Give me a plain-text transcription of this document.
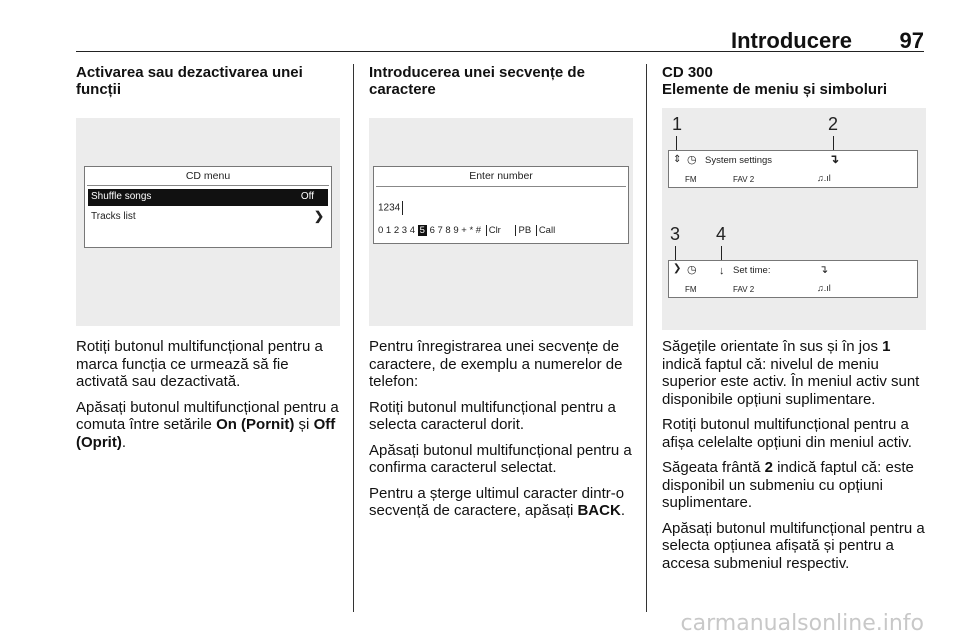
Introducere 97
Activarea sau dezactivarea unei funcții
CD menu
Shuffle songs	Off
Tracks list	❯

Rotiți butonul multifuncțional pentru a marca funcția ce urmează să fie activată sau dezactivată.

Apăsați butonul multifuncțional pentru a comuta între setările On (Pornit) și Off (Oprit).

Introducerea unei secvențe de caractere
Enter number
1234
0 1 2 3 4 5 6 7 8 9 + * # Clr PB Call

Pentru înregistrarea unei secvențe de caractere, de exemplu a numerelor de telefon:

Rotiți butonul multifuncțional pentru a selecta caracterul dorit.

Apăsați butonul multifuncțional pentru a confirma caracterul selectat.

Pentru a șterge ultimul caracter dintr-o secvență de caractere, apăsați BACK.

CD 300
Elemente de meniu și simboluri
1	2
⇕ ◷ System settings	↴
FM	FAV 2	♫.ıl
3 4
❯ ◷ ↓ Set time:	↴
FM	FAV 2	♫.ıl

Săgețile orientate în sus și în jos 1 indică faptul că: nivelul de meniu superior este activ. În meniul activ sunt disponibile opțiuni suplimentare.

Rotiți butonul multifuncțional pentru a afișa celelalte opțiuni din meniul activ.

Săgeata frântă 2 indică faptul că: este disponibil un submeniu cu opțiuni suplimentare.

Apăsați butonul multifuncțional pentru a selecta opțiunea afișată și pentru a accesa submeniul respectiv.

carmanualsonline.info
